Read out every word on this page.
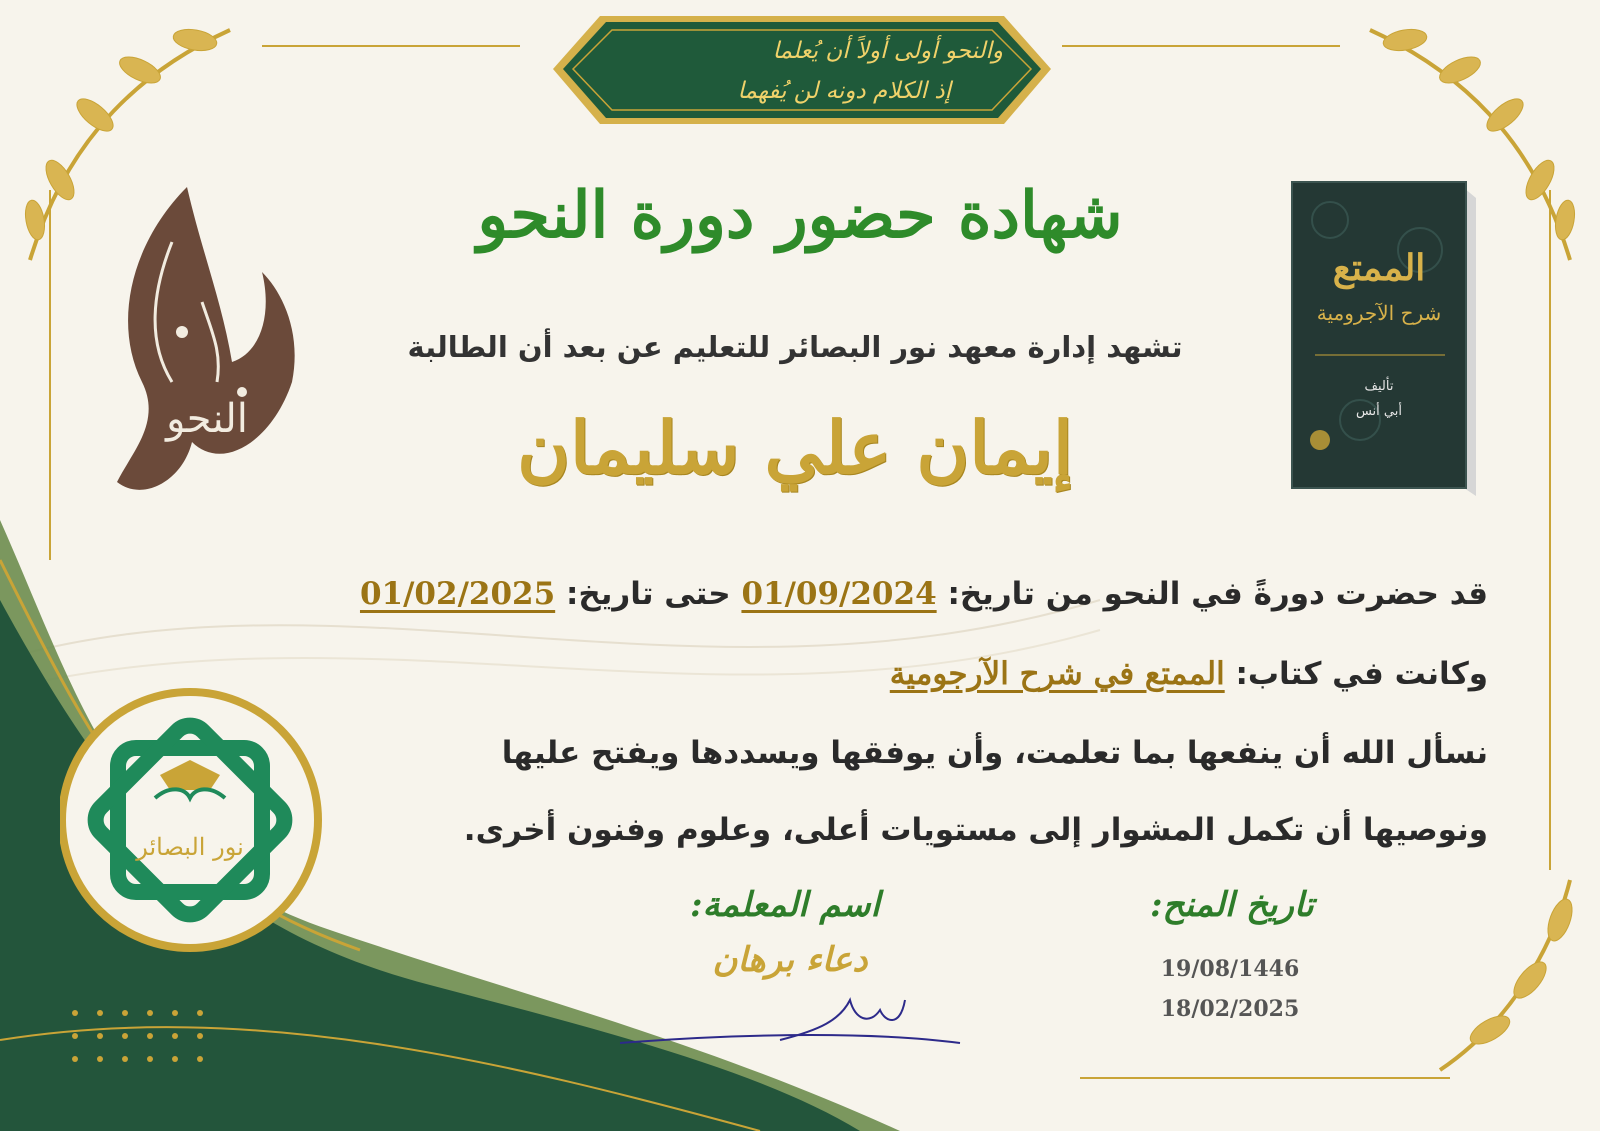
والنحو أولى أولاً أن يُعلما
إذ الكلام دونه لن يُفهما
النحو
الممتع
شرح الآجرومية
تأليف
أبي أنس
شهادة حضور دورة النحو
تشهد إدارة معهد نور البصائر للتعليم عن بعد أن الطالبة
إيمان علي سليمان
قد حضرت دورةً في النحو من تاريخ: 01/09/2024 حتى تاريخ: 01/02/2025
وكانت في كتاب: الممتع في شرح الآرجومية
نسأل الله أن ينفعها بما تعلمت، وأن يوفقها ويسددها ويفتح عليها
ونوصيها أن تكمل المشوار إلى مستويات أعلى، وعلوم وفنون أخرى.
تاريخ المنح:
19/08/1446
18/02/2025
اسم المعلمة:
دعاء برهان
نور البصائر
